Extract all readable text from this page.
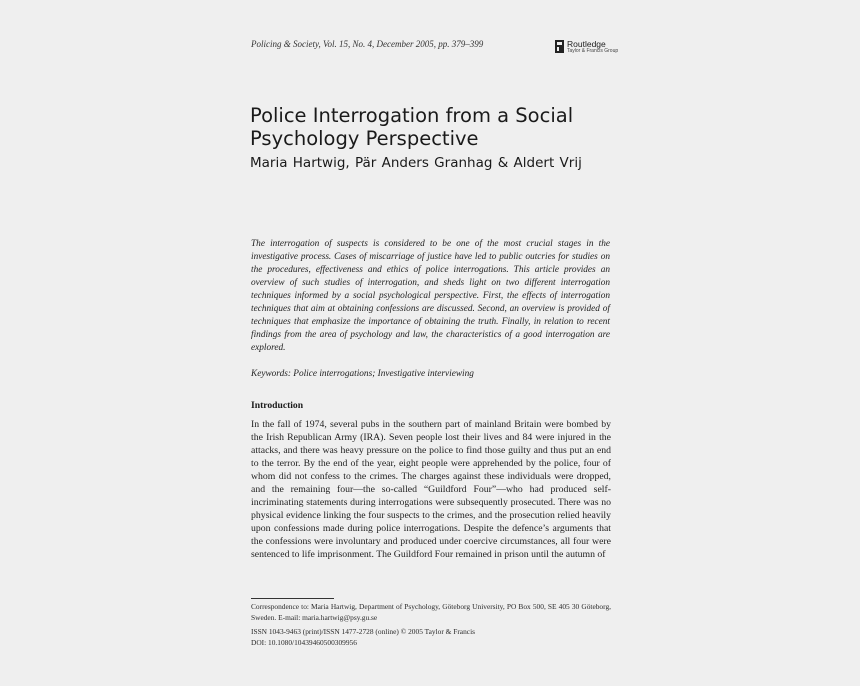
Policing & Society, Vol. 15, No. 4, December 2005, pp. 379–399	Routledge
Taylor & Francis Group
Police Interrogation from a Social Psychology Perspective
Maria Hartwig, Pär Anders Granhag & Aldert Vrij

The interrogation of suspects is considered to be one of the most crucial stages in the investigative process. Cases of miscarriage of justice have led to public outcries for studies on the procedures, effectiveness and ethics of police interrogations. This article provides an overview of such studies of interrogation, and sheds light on two different interrogation techniques informed by a social psychological perspective. First, the effects of interrogation techniques that aim at obtaining confessions are discussed. Second, an overview is provided of techniques that emphasize the importance of obtaining the truth. Finally, in relation to recent findings from the area of psychology and law, the characteristics of a good interrogation are explored.

Keywords: Police interrogations; Investigative interviewing
Introduction

In the fall of 1974, several pubs in the southern part of mainland Britain were bombed by the Irish Republican Army (IRA). Seven people lost their lives and 84 were injured in the attacks, and there was heavy pressure on the police to find those guilty and thus put an end to the terror. By the end of the year, eight people were apprehended by the police, four of whom did not confess to the crimes. The charges against these individuals were dropped, and the remaining four—the so-called “Guildford Four”—who had produced self-incriminating statements during interrogations were subsequently prosecuted. There was no physical evidence linking the four suspects to the crimes, and the prosecution relied heavily upon confessions made during police interrogations. Despite the defence’s arguments that the confessions were involuntary and produced under coercive circumstances, all four were sentenced to life imprisonment. The Guildford Four remained in prison until the autumn of

Correspondence to: Maria Hartwig, Department of Psychology, Göteborg University, PO Box 500, SE 405 30 Göteborg, Sweden. E-mail: maria.hartwig@psy.gu.se

ISSN 1043-9463 (print)/ISSN 1477-2728 (online) © 2005 Taylor & Francis
DOI: 10.1080/10439460500309956
